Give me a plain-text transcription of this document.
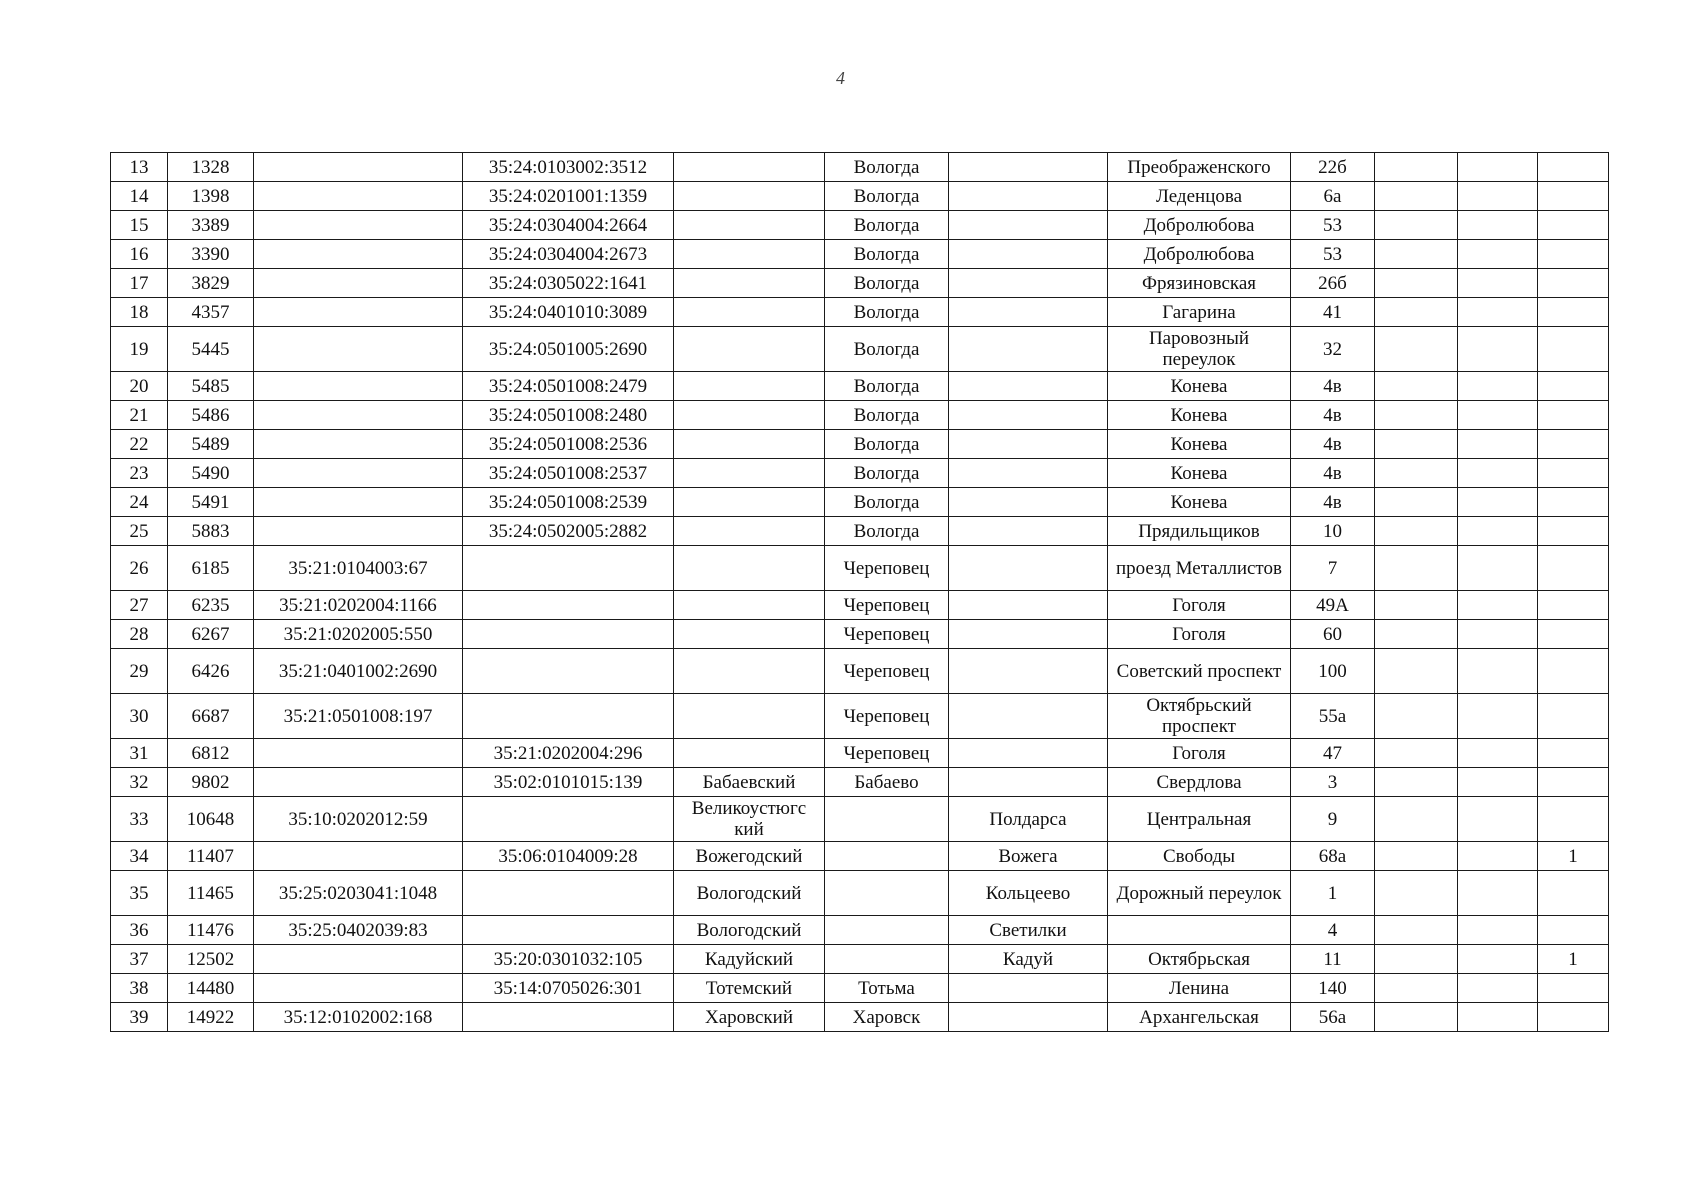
4
13	1328		35:24:0103002:3512		Вологда		Преображенского	22б			
14	1398		35:24:0201001:1359		Вологда		Леденцова	6а			
15	3389		35:24:0304004:2664		Вологда		Добролюбова	53			
16	3390		35:24:0304004:2673		Вологда		Добролюбова	53			
17	3829		35:24:0305022:1641		Вологда		Фрязиновская	26б			
18	4357		35:24:0401010:3089		Вологда		Гагарина	41			
19	5445		35:24:0501005:2690		Вологда		Паровозный переулок	32			
20	5485		35:24:0501008:2479		Вологда		Конева	4в			
21	5486		35:24:0501008:2480		Вологда		Конева	4в			
22	5489		35:24:0501008:2536		Вологда		Конева	4в			
23	5490		35:24:0501008:2537		Вологда		Конева	4в			
24	5491		35:24:0501008:2539		Вологда		Конева	4в			
25	5883		35:24:0502005:2882		Вологда		Прядильщиков	10			
26	6185	35:21:0104003:67			Череповец		проезд Металлистов	7			
27	6235	35:21:0202004:1166			Череповец		Гоголя	49А			
28	6267	35:21:0202005:550			Череповец		Гоголя	60			
29	6426	35:21:0401002:2690			Череповец		Советский проспект	100			
30	6687	35:21:0501008:197			Череповец		Октябрьский проспект	55а			
31	6812		35:21:0202004:296		Череповец		Гоголя	47			
32	9802		35:02:0101015:139	Бабаевский	Бабаево		Свердлова	3			
33	10648	35:10:0202012:59		Великоустюгс кий		Полдарса	Центральная	9			
34	11407		35:06:0104009:28	Вожегодский		Вожега	Свободы	68а			1
35	11465	35:25:0203041:1048		Вологодский		Кольцеево	Дорожный переулок	1			
36	11476	35:25:0402039:83		Вологодский		Светилки		4			
37	12502		35:20:0301032:105	Кадуйский		Кадуй	Октябрьская	11			1
38	14480		35:14:0705026:301	Тотемский	Тотьма		Ленина	140			
39	14922	35:12:0102002:168		Харовский	Харовск		Архангельская	56а			
